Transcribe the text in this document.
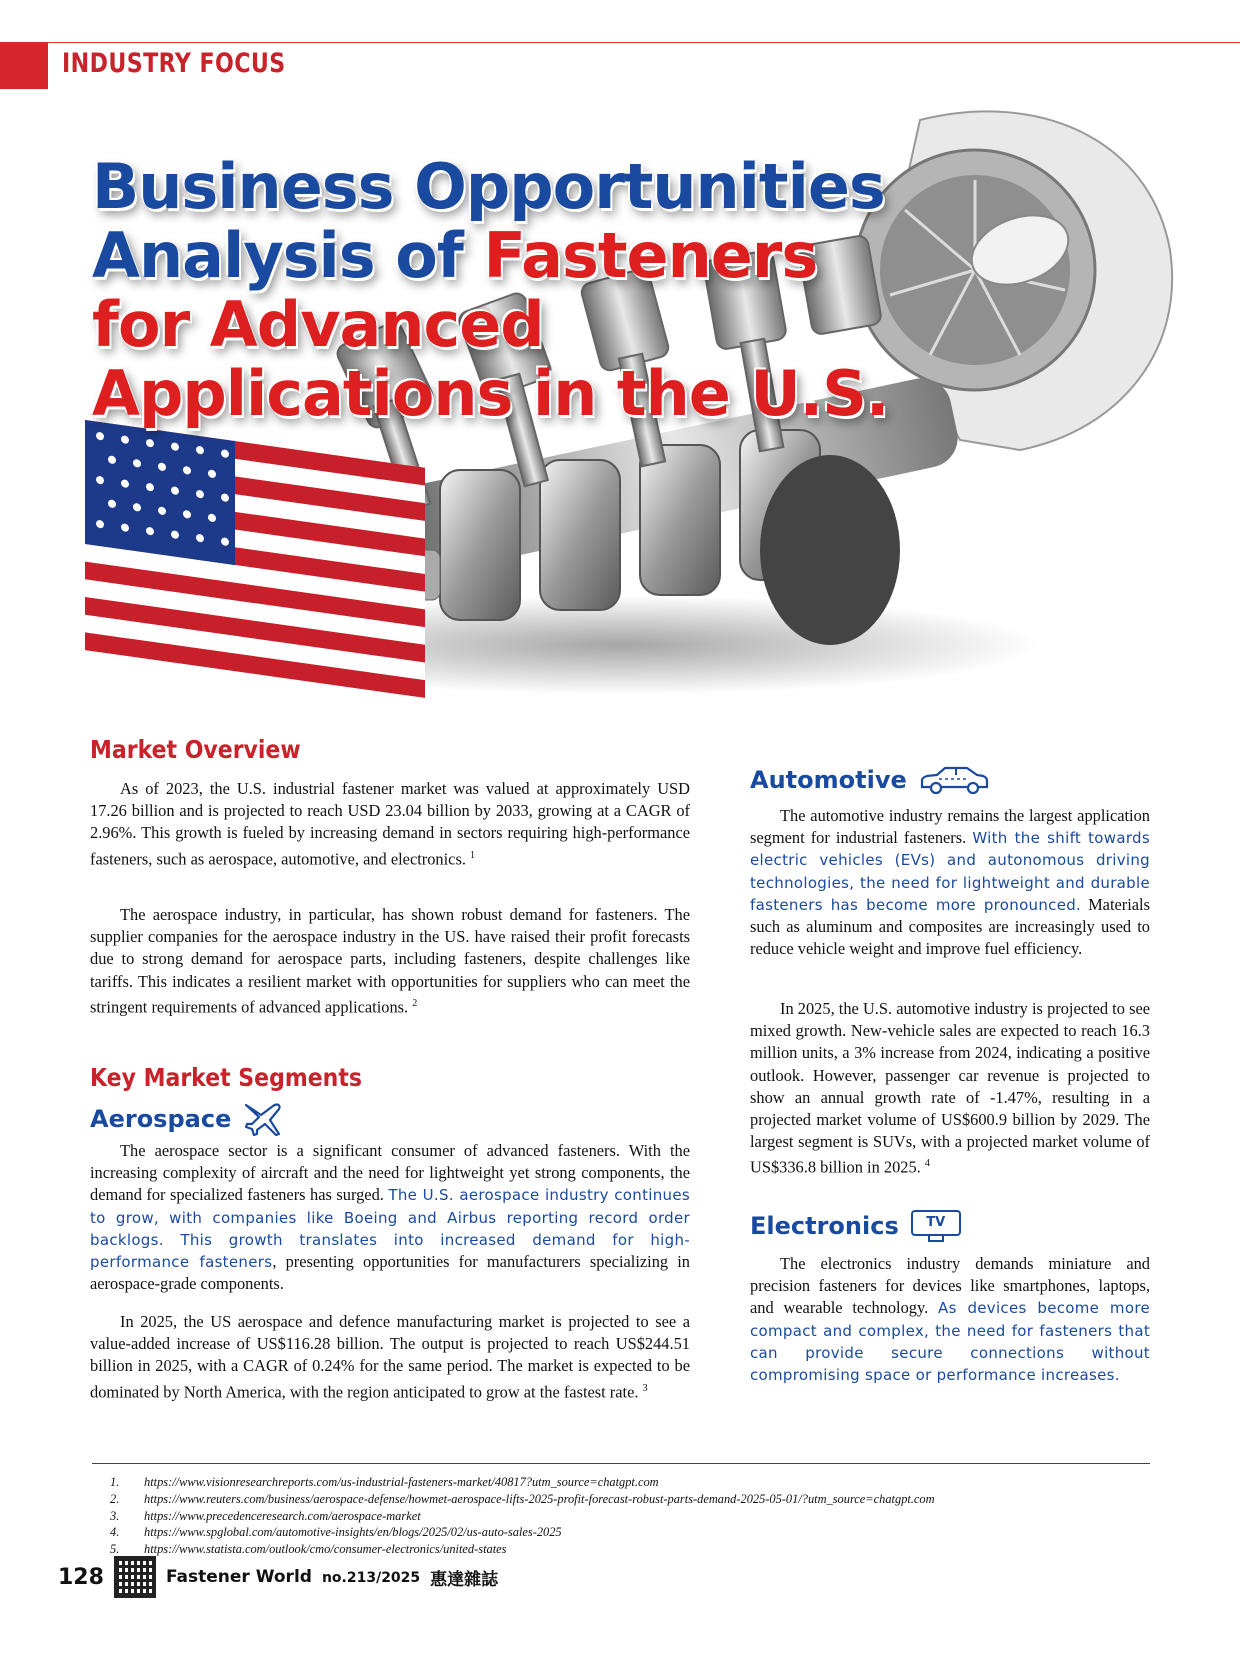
INDUSTRY FOCUS
Business Opportunities
Analysis of Fasteners
for Advanced
Applications in the U.S.
Market Overview

As of 2023, the U.S. industrial fastener market was valued at approximately USD 17.26 billion and is projected to reach USD 23.04 billion by 2033, growing at a CAGR of 2.96%. This growth is fueled by increasing demand in sectors requiring high-performance fasteners, such as aerospace, automotive, and electronics. $^1$

The aerospace industry, in particular, has shown robust demand for fasteners. The supplier companies for the aerospace industry in the US. have raised their profit forecasts due to strong demand for aerospace parts, including fasteners, despite challenges like tariffs. This indicates a resilient market with opportunities for suppliers who can meet the stringent requirements of advanced applications. $^2$

Key Market Segments
Aerospace

The aerospace sector is a significant consumer of advanced fasteners. With the increasing complexity of aircraft and the need for lightweight yet strong components, the demand for specialized fasteners has surged. The U.S. aerospace industry continues to grow, with companies like Boeing and Airbus reporting record order backlogs. This growth translates into increased demand for high-performance fasteners, presenting opportunities for manufacturers specializing in aerospace-grade components.

In 2025, the US aerospace and defence manufacturing market is projected to see a value-added increase of US$116.28 billion. The output is projected to reach US$244.51 billion in 2025, with a CAGR of 0.24% for the same period. The market is expected to be dominated by North America, with the region anticipated to grow at the fastest rate. $^3$

Automotive

The automotive industry remains the largest application segment for industrial fasteners. With the shift towards electric vehicles (EVs) and autonomous driving technologies, the need for lightweight and durable fasteners has become more pronounced. Materials such as aluminum and composites are increasingly used to reduce vehicle weight and improve fuel efficiency.

In 2025, the U.S. automotive industry is projected to see mixed growth. New-vehicle sales are expected to reach 16.3 million units, a 3% increase from 2024, indicating a positive outlook. However, passenger car revenue is projected to show an annual growth rate of -1.47%, resulting in a projected market volume of US$600.9 billion by 2029. The largest segment is SUVs, with a projected market volume of US$336.8 billion in 2025. $^4$

Electronics	TV

The electronics industry demands miniature and precision fasteners for devices like smartphones, laptops, and wearable technology. As devices become more compact and complex, the need for fasteners that can provide secure connections without compromising space or performance increases.

1.	https://www.visionresearchreports.com/us-industrial-fasteners-market/40817?utm_source=chatgpt.com
2.	https://www.reuters.com/business/aerospace-defense/howmet-aerospace-lifts-2025-profit-forecast-robust-parts-demand-2025-05-01/?utm_source=chatgpt.com
3.	https://www.precedenceresearch.com/aerospace-market
4.	https://www.spglobal.com/automotive-insights/en/blogs/2025/02/us-auto-sales-2025
5.	https://www.statista.com/outlook/cmo/consumer-electronics/united-states
128	Fastener World no.213/2025 惠達雜誌
